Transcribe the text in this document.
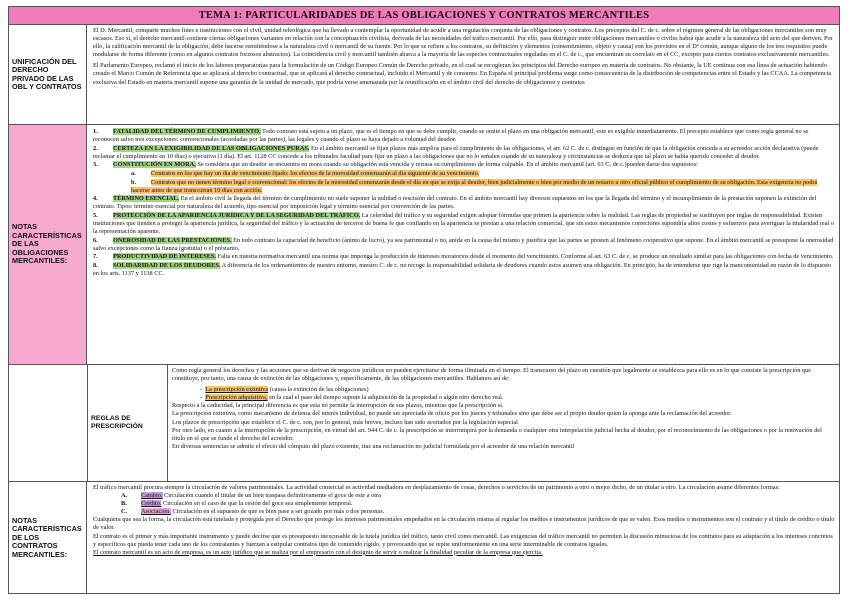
TEMA 1: PARTICULARIDADES DE LAS OBLIGACIONES Y CONTRATOS MERCANTILES
UNIFICACIÓN DEL DERECHO PRIVADO DE LAS OBL Y CONTRATOS

El D. Mercantil, comparte muchos fines e instituciones con el civil, unidad teleológica que ha llevado a contemplar la oportunidad de acudir a una regulación conjunta de las obligaciones y contratos. Los preceptos del C. de c. sobre el régimen general de las obligaciones mercantiles son muy escasos. Eso sí, el derecho mercantil contiene ciertas obligaciones variantes en relación con la conceptuación civilista, derivada de las necesidades del tráfico mercantil. Por ello, para distinguir entre obligaciones mercantiles o civiles habrá que acudir a la naturaleza del acto del que deriven. Por ello, la calificación mercantil de la obligación, debe hacerse remitiéndose a la naturaleza civil o mercantil de su fuente. Por lo que se refiere a los contratos, su definición y elementos (consentimiento, objeto y causa) son los previstos en el Dº común, aunque alguno de los tres requisitos puede modularse de forma diferente (como en algunos contratos forzosos abstractos). La coincidencia civil y mercantil también abarca a la mayoría de las especies contractuales reguladas en el C. de c., que encuentran su correlato en el CC, excepto para ciertos contratos exclusivamente mercantiles.

El Parlamento Europeo, reclamó el inicio de los labores preparatorias para la formulación de un Código Europeo Común de Derecho privado, en el cual se recogieran los principios del Derecho europeo en materia de contratos. No obstante, la UE continua con esa línea de actuación habiendo creado el Marco Común de Referencia que se aplicará al derecho contractual, que se aplicará al derecho contractual, incluido el Mercantil y de consumo. En España el principal problema surge como consecuencia de la distribución de competencias entre el Estado y las CCAA. La competencia exclusiva del Estado en materia mercantil supone una garantía de la unidad de mercado, que podría verse amenazada por la reunificación en el ámbito civil del derecho de obligaciones y contratos

NOTAS CARACTERÍSTICAS DE LAS OBLIGACIONES MERCANTILES:
1. FATALIDAD DEL TÉRMINO DE CUMPLIMIENTO. Todo contrato está sujeto a un plazo, que es el tiempo en que se debe cumplir, cuando se omite el plazo en una obligación mercantil, este es exigible inmediatamente. El precepto establece que como regla general no se reconocen salvo tres excepciones: convencionales (acordadas por las partes), las legales y cuando el plazo se haya dejado a voluntad del deudor.
2. CERTEZA EN LA EXIGIBILIDAD DE LAS OBLIGACIONES PURAS. En el ámbito mercantil se fijan plazos más amplios para el cumplimiento de las obligaciones, el art. 62 C. de c. distingue en función de que la obligación conceda a su acreedor acción declarativa (puede reclamar el cumplimiento en 10 días) o ejecutiva (1 día). El art. 1128 CC concede a los tribunales facultad para fijar un plazo a las obligaciones que no lo señalen cuando de su naturaleza y circunstancias se deduzca que tal plazo se había querido conceder al deudor.
3. CONSTITUCIÓN EN MORA. Se considera que un deudor se encuentra en mora cuando su obligación está vencida y retrasa su cumplimiento de forma culpable. En el ámbito mercantil (art. 63 C. de c.)pueden darse dos supuestos:
a. Contratos en los que hay un día de vencimiento fijado: los efectos de la morosidad comenzarán al día siguiente de su vencimiento.
b. Contratos que no tienen término legal o convencional: los efectos de la morosidad comenzarán desde el día en que se exija al deudor, bien judicialmente o bien por medio de un notario u otro oficial público el cumplimiento de su obligación. Esta exigencia no podrá hacerse antes de que transcurran 10 días con acción.
4. TÉRMINO ESENCIAL. En el ámbito civil la llegada del término de cumplimiento no suele suponer la nulidad o rescisión del contrato. En el ámbito mercantil hay diversos supuestos en los que la llegada del término y el incumplimiento de la prestación suponen la extinción del contrato. Tipos: término esencial por naturaleza del acuerdo, tipo esencial por imposición legal y término esencial por convención de las partes.
5. PROTECCIÓN DE LA APARIENCIA JURÍDICA Y DE LA SEGURIDAD DEL TRÁFICO. La celeridad del tráfico y su seguridad exigen adoptar fórmulas que primen la apariencia sobre la realidad. Las reglas de propiedad se sustituyen por reglas de responsabilidad. Existen instituciones que tienden a proteger la apariencia jurídica, la seguridad del tráfico y la actuación de terceros de buena fe que confiando en la apariencia se prestan a una relación comercial, que sin estos mecanismos correctores supondría altos costes y esfuerzos para averiguar la titularidad real o la representación aparente.
6. ONEROSIDAD DE LAS PRESTACIONES. En todo contrato la capacidad de beneficio (ánimo de lucro), ya sea patrimonial o no, anida en la causa del mismo y justifica que las partes se presten al fenómeno cooperativo que supone. En el ámbito mercantil se presupone la onerosidad salvo excepciones como la fianza (gratuita) o el préstamo.
7. PRODUCTIVIDAD DE INTERESES. Falta en nuestra normativa mercantil una norma que imponga la producción de intereses moratorios desde el momento del vencimiento. Conforme al art. 63 C. de c. se produce un resultado similar para las obligaciones con fecha de vencimiento.
8. SOLIDARIDAD DE LOS DEUDORES. A diferencia de los ordenamientos de nuestro entorno, nuestro C. de c. no recoge la responsabilidad solidaria de deudores cuando estos asumen una obligación. En principio, ha de entenderse que rige la mancomunidad en razón de lo dispuesto en los arts. 1137 y 1138 CC.
REGLAS DE PRESCRIPCIÓN
Como regla general los derechos y las acciones que se derivan de negocios jurídicos no pueden ejercitarse de forma ilimitada en el tiempo. El transcurso del plazo en cuestión que legalmente se establezca para ello es en lo que consiste la prescripción que constituye, por tanto, una causa de extinción de las obligaciones y, específicamente, de las obligaciones mercantiles. Hablamos así de:
-  La prescripción extintiva (causa la extinción de las obligaciones)
-  Prescripción adquisitiva, en la cual el paso del tiempo supone la adquisición de la propiedad o algún otro derecho real.
Respecto a la caducidad, la principal diferencia es que esta no permite la interrupción de sus plazos, mientras que la prescripción sí.
La prescripción extintiva, como mecanismo de defensa del interés individual, no puede ser apreciada de oficio por los jueces y tribunales sino que debe ser el propio deudor quien la oponga ante la reclamación del acreedor.
Los plazos de prescripción que establece el C. de c. son, por lo general, más breves, incluso han sido acortados por la legislación especial
Por otro lado, en cuanto a la interrupción de la prescripción, en virtud del art. 944 C. de c. la prescripción se interrumpirá por la demanda o cualquier otra interpelación judicial hecha al deudor, por el reconocimiento de las obligaciones o por la renovación del título en el que se funde el derecho del acreedor.
En diversas sentencias se admite el efecto del cómputo del plazo existente, tras una reclamación no judicial formulada por el acreedor de una relación mercantil
NOTAS CARACTERÍSTICAS DE LOS CONTRATOS MERCANTILES:
El tráfico mercantil procura siempre la circulación de valores patrimoniales. La actividad comercial es actividad mediadora en desplazamiento de cosas, derechos o servicios de un patrimonio a otro o mejor dicho, de un titular a otro. La circulación asume diferentes formas:
A. Cambio. Circulación cuando el titular de un bien traspasa definitivamente el goce de este a otra
B. Crédito. Circulación en el caso de que la cesión del goce sea simplemente temporal.
C. Asociación. Circulación en el supuesto de que es bien pase a ser gozado por más o dos personas.
Cualquiera que sea la forma, la circulación está tutelada y protegida por el Derecho que protege los intereses patrimoniales empeñados en la circulación misma al regular los medios e instrumentos jurídicos de que se valen. Esos medios o instrumentos son el contrato y el título de crédito o título de valor.
El contrato es el primer y más importante instrumento y puede decirse que es presupuesto inexcusable de la tutela jurídica del tráfico, tanto civil como mercantil. Las exigencias del tráfico mercantil no permiten la discusión minuciosa de los contratos para su adaptación a los intereses concretos y específicos que pueda tener cada uno de los contratantes y fuerzan a estipular contratos tipo de contenido rígido, y provocando que se repite uniformemente en una serie interminable de contratos iguales.
El contrato mercantil es un acto de empresa, es un acto jurídico que se realiza por el empresario con el designio de servir o realizar la finalidad peculiar de la empresa que ejercita.
